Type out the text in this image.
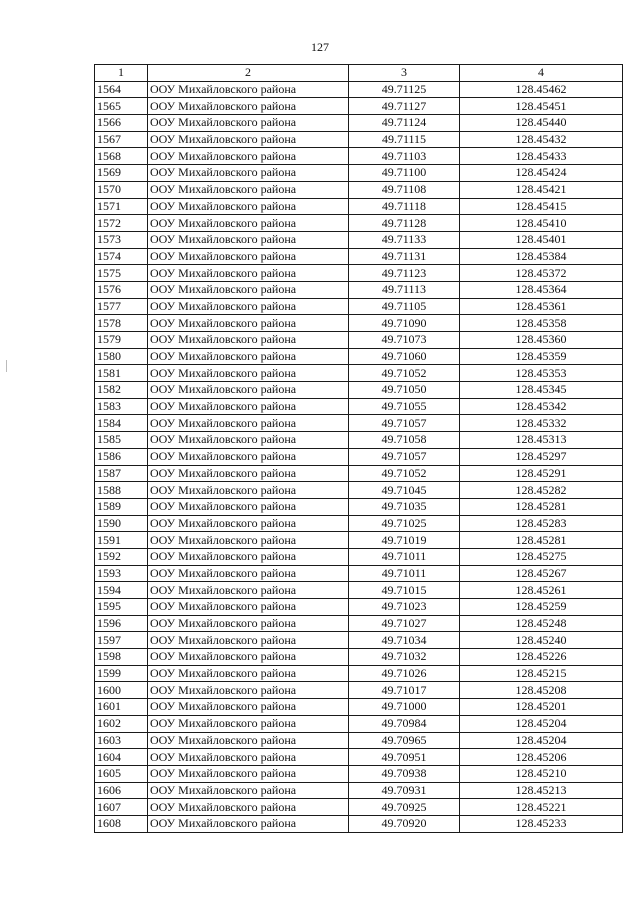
127
1	2	3	4
1564	ООУ Михайловского района	49.71125	128.45462
1565	ООУ Михайловского района	49.71127	128.45451
1566	ООУ Михайловского района	49.71124	128.45440
1567	ООУ Михайловского района	49.71115	128.45432
1568	ООУ Михайловского района	49.71103	128.45433
1569	ООУ Михайловского района	49.71100	128.45424
1570	ООУ Михайловского района	49.71108	128.45421
1571	ООУ Михайловского района	49.71118	128.45415
1572	ООУ Михайловского района	49.71128	128.45410
1573	ООУ Михайловского района	49.71133	128.45401
1574	ООУ Михайловского района	49.71131	128.45384
1575	ООУ Михайловского района	49.71123	128.45372
1576	ООУ Михайловского района	49.71113	128.45364
1577	ООУ Михайловского района	49.71105	128.45361
1578	ООУ Михайловского района	49.71090	128.45358
1579	ООУ Михайловского района	49.71073	128.45360
1580	ООУ Михайловского района	49.71060	128.45359
1581	ООУ Михайловского района	49.71052	128.45353
1582	ООУ Михайловского района	49.71050	128.45345
1583	ООУ Михайловского района	49.71055	128.45342
1584	ООУ Михайловского района	49.71057	128.45332
1585	ООУ Михайловского района	49.71058	128.45313
1586	ООУ Михайловского района	49.71057	128.45297
1587	ООУ Михайловского района	49.71052	128.45291
1588	ООУ Михайловского района	49.71045	128.45282
1589	ООУ Михайловского района	49.71035	128.45281
1590	ООУ Михайловского района	49.71025	128.45283
1591	ООУ Михайловского района	49.71019	128.45281
1592	ООУ Михайловского района	49.71011	128.45275
1593	ООУ Михайловского района	49.71011	128.45267
1594	ООУ Михайловского района	49.71015	128.45261
1595	ООУ Михайловского района	49.71023	128.45259
1596	ООУ Михайловского района	49.71027	128.45248
1597	ООУ Михайловского района	49.71034	128.45240
1598	ООУ Михайловского района	49.71032	128.45226
1599	ООУ Михайловского района	49.71026	128.45215
1600	ООУ Михайловского района	49.71017	128.45208
1601	ООУ Михайловского района	49.71000	128.45201
1602	ООУ Михайловского района	49.70984	128.45204
1603	ООУ Михайловского района	49.70965	128.45204
1604	ООУ Михайловского района	49.70951	128.45206
1605	ООУ Михайловского района	49.70938	128.45210
1606	ООУ Михайловского района	49.70931	128.45213
1607	ООУ Михайловского района	49.70925	128.45221
1608	ООУ Михайловского района	49.70920	128.45233
